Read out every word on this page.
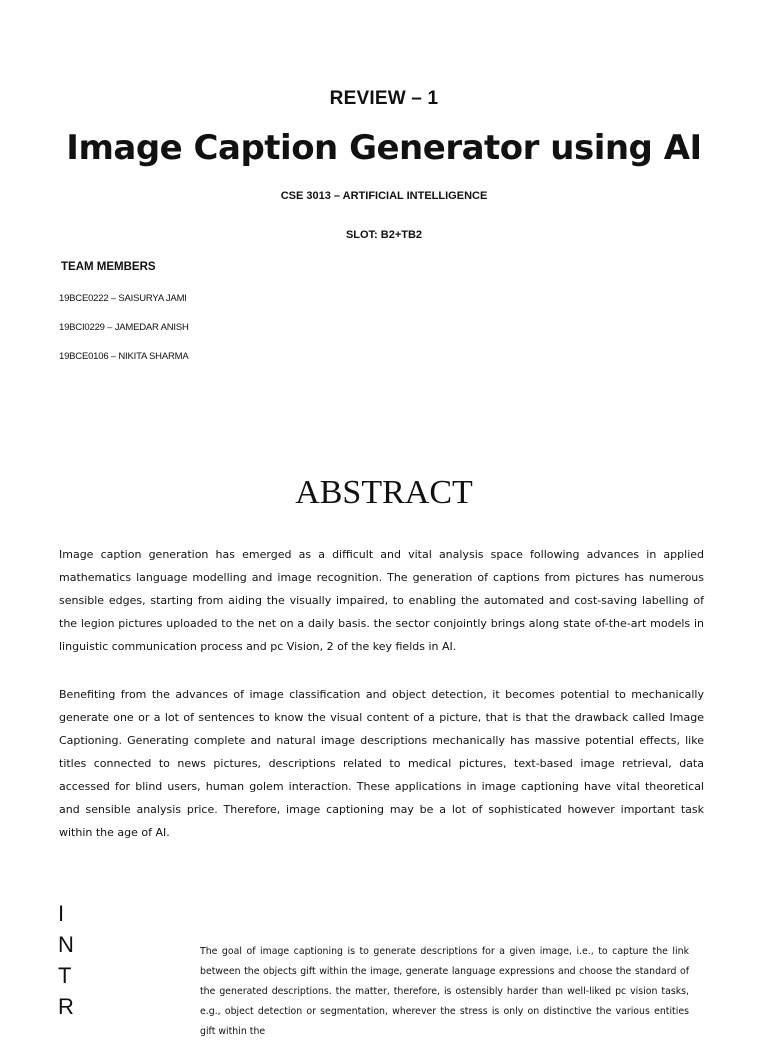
REVIEW – 1
Image Caption Generator using AI
CSE 3013 – ARTIFICIAL INTELLIGENCE
SLOT: B2+TB2
TEAM MEMBERS
19BCE0222 – SAISURYA JAMI
19BCI0229 – JAMEDAR ANISH
19BCE0106 – NIKITA SHARMA
ABSTRACT

Image caption generation has emerged as a difficult and vital analysis space following advances in applied mathematics language modelling and image recognition. The generation of captions from pictures has numerous sensible edges, starting from aiding the visually impaired, to enabling the automated and cost-saving labelling of the legion pictures uploaded to the net on a daily basis. the sector conjointly brings along state of-the-art models in linguistic communication process and pc Vision, 2 of the key fields in AI.

Benefiting from the advances of image classification and object detection, it becomes potential to mechanically generate one or a lot of sentences to know the visual content of a picture, that is that the drawback called Image Captioning. Generating complete and natural image descriptions mechanically has massive potential effects, like titles connected to news pictures, descriptions related to medical pictures, text-based image retrieval, data accessed for blind users, human golem interaction. These applications in image captioning have vital theoretical and sensible analysis price. Therefore, image captioning may be a lot of sophisticated however important task within the age of AI.

I
N
T
R

The goal of image captioning is to generate descriptions for a given image, i.e., to capture the link between the objects gift within the image, generate language expressions and choose the standard of the generated descriptions. the matter, therefore, is ostensibly harder than well-liked pc vision tasks, e.g., object detection or segmentation, wherever the stress is only on distinctive the various entities gift within the
